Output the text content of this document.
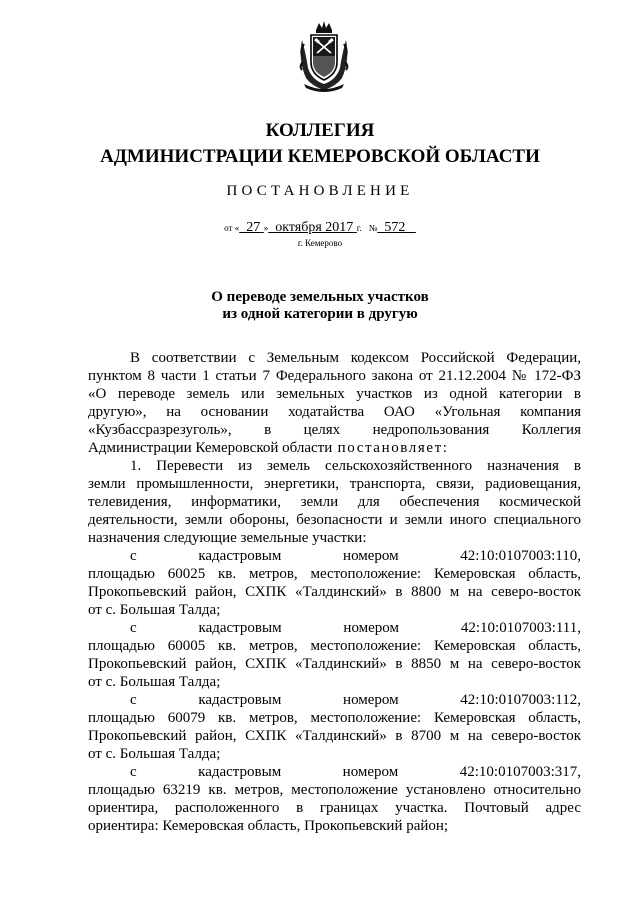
КОЛЛЕГИЯ
АДМИНИСТРАЦИИ КЕМЕРОВСКОЙ ОБЛАСТИ
ПОСТАНОВЛЕНИЕ
от « 27 » октября 2017 г. № 572
г. Кемерово
О переводе земельных участков
из одной категории в другую

В соответствии с Земельным кодексом Российской Федерации,

пунктом 8 части 1 статьи 7 Федерального закона от 21.12.2004 № 172-ФЗ

«О переводе земель или земельных участков из одной категории в

другую», на основании ходатайства ОАО «Угольная компания

«Кузбассразрезуголь», в целях недропользования Коллегия

Администрации Кемеровской области постановляет:

1. Перевести из земель сельскохозяйственного назначения в

земли промышленности, энергетики, транспорта, связи, радиовещания,

телевидения, информатики, земли для обеспечения космической

деятельности, земли обороны, безопасности и земли иного специального

назначения следующие земельные участки:

с кадастровым номером 42:10:0107003:110,

площадью 60025 кв. метров, местоположение: Кемеровская область,

Прокопьевский район, СХПК «Талдинский» в 8800 м на северо-восток

от с. Большая Талда;

с кадастровым номером 42:10:0107003:111,

площадью 60005 кв. метров, местоположение: Кемеровская область,

Прокопьевский район, СХПК «Талдинский» в 8850 м на северо-восток

от с. Большая Талда;

с кадастровым номером 42:10:0107003:112,

площадью 60079 кв. метров, местоположение: Кемеровская область,

Прокопьевский район, СХПК «Талдинский» в 8700 м на северо-восток

от с. Большая Талда;

с кадастровым номером 42:10:0107003:317,

площадью 63219 кв. метров, местоположение установлено относительно

ориентира, расположенного в границах участка. Почтовый адрес

ориентира: Кемеровская область, Прокопьевский район;
